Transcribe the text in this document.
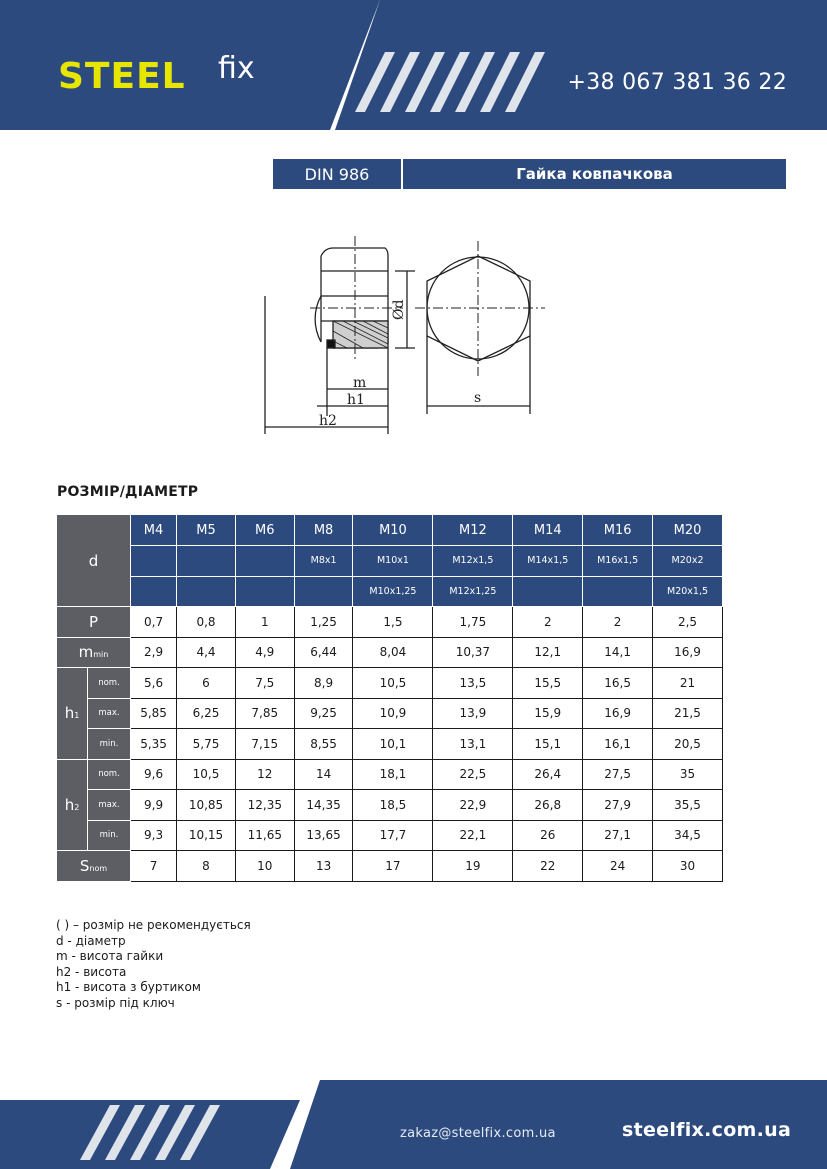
STEEL fix	+38 067 381 36 22
DIN 986	Гайка ковпачкова
m
h1
h2
Ød
s
РОЗМІР/ДІАМЕТР
d		M4	M5	M6	M8	M10	M12	M14	M16	M20
					M8x1	M10x1	M12x1,5	M14x1,5	M16x1,5	M20x2
						M10x1,25	M12x1,25			M20x1,5
P		0,7	0,8	1	1,25	1,5	1,75	2	2	2,5
mmin		2,9	4,4	4,9	6,44	8,04	10,37	12,1	14,1	16,9
h1	nom.	5,6	6	7,5	8,9	10,5	13,5	15,5	16,5	21
	max.	5,85	6,25	7,85	9,25	10,9	13,9	15,9	16,9	21,5
	min.	5,35	5,75	7,15	8,55	10,1	13,1	15,1	16,1	20,5
h2	nom.	9,6	10,5	12	14	18,1	22,5	26,4	27,5	35
	max.	9,9	10,85	12,35	14,35	18,5	22,9	26,8	27,9	35,5
	min.	9,3	10,15	11,65	13,65	17,7	22,1	26	27,1	34,5
Snom		7	8	10	13	17	19	22	24	30
( ) – розмір не рекомендується
d - діаметр
m - висота гайки
h2 - висота
h1 - висота з буртиком
s - розмір під ключ
zakaz@steelfix.com.ua	steelfix.com.ua
